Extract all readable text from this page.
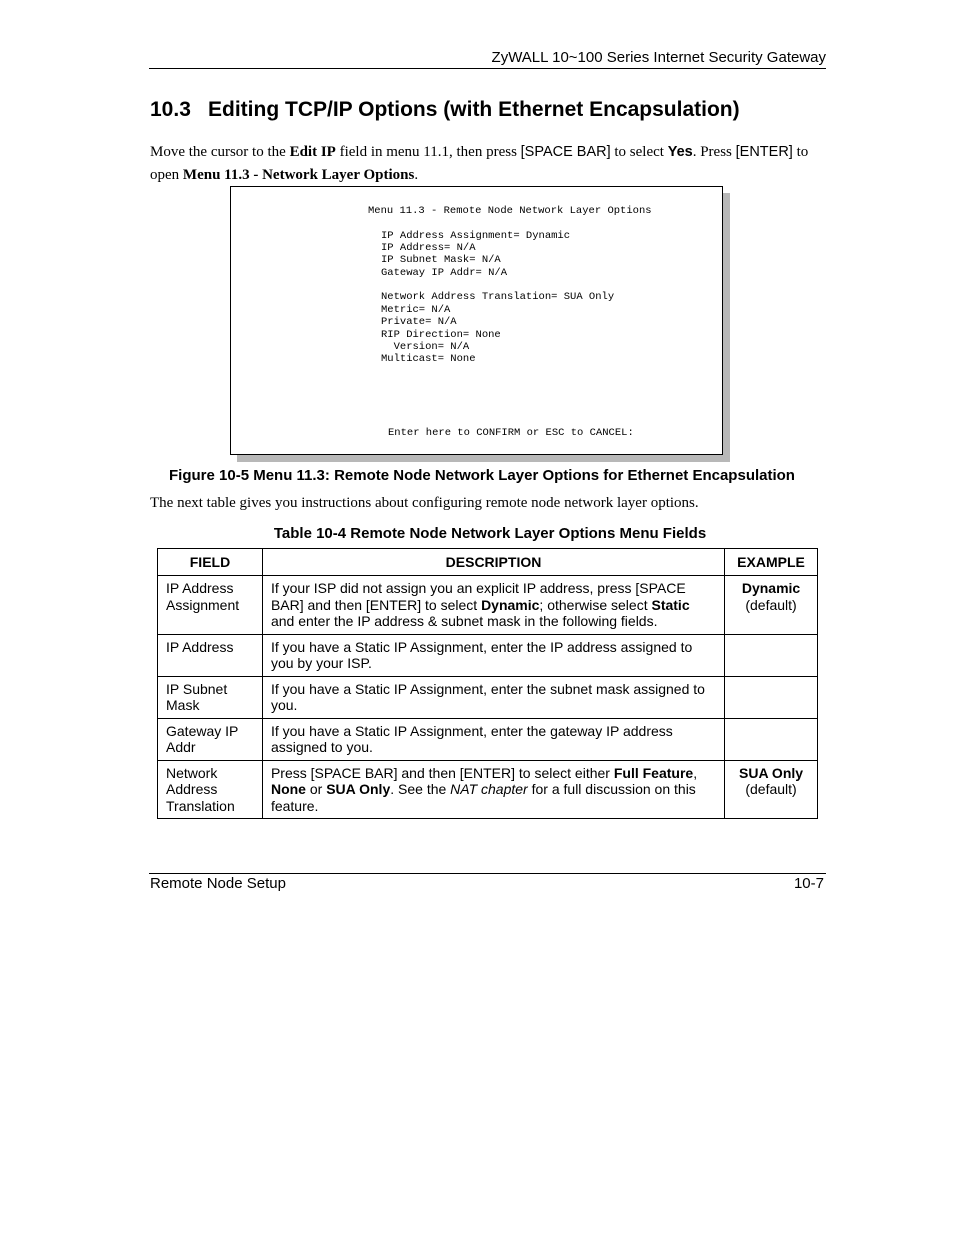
ZyWALL 10~100 Series Internet Security Gateway
10.3 Editing TCP/IP Options (with Ethernet Encapsulation)

Move the cursor to the Edit IP field in menu 11.1, then press [SPACE BAR] to select Yes. Press [ENTER] to open Menu 11.3 - Network Layer Options.

Menu 11.3 - Remote Node Network Layer Options
IP Address Assignment= Dynamic
IP Address= N/A
IP Subnet Mask= N/A
Gateway IP Addr= N/A
Network Address Translation= SUA Only
Metric= N/A
Private= N/A
RIP Direction= None
Version= N/A
Multicast= None
Enter here to CONFIRM or ESC to CANCEL:
Figure 10-5 Menu 11.3: Remote Node Network Layer Options for Ethernet Encapsulation

The next table gives you instructions about configuring remote node network layer options.

Table 10-4 Remote Node Network Layer Options Menu Fields
FIELD	DESCRIPTION	EXAMPLE
IP Address Assignment	If your ISP did not assign you an explicit IP address, press [SPACE BAR] and then [ENTER] to select Dynamic; otherwise select Static and enter the IP address & subnet mask in the following fields.	Dynamic
(default)
IP Address	If you have a Static IP Assignment, enter the IP address assigned to you by your ISP.	
IP Subnet Mask	If you have a Static IP Assignment, enter the subnet mask assigned to you.	
Gateway IP Addr	If you have a Static IP Assignment, enter the gateway IP address assigned to you.	
Network Address Translation	Press [SPACE BAR] and then [ENTER] to select either Full Feature, None or SUA Only. See the NAT chapter for a full discussion on this feature.	SUA Only
(default)
Remote Node Setup	10-7
